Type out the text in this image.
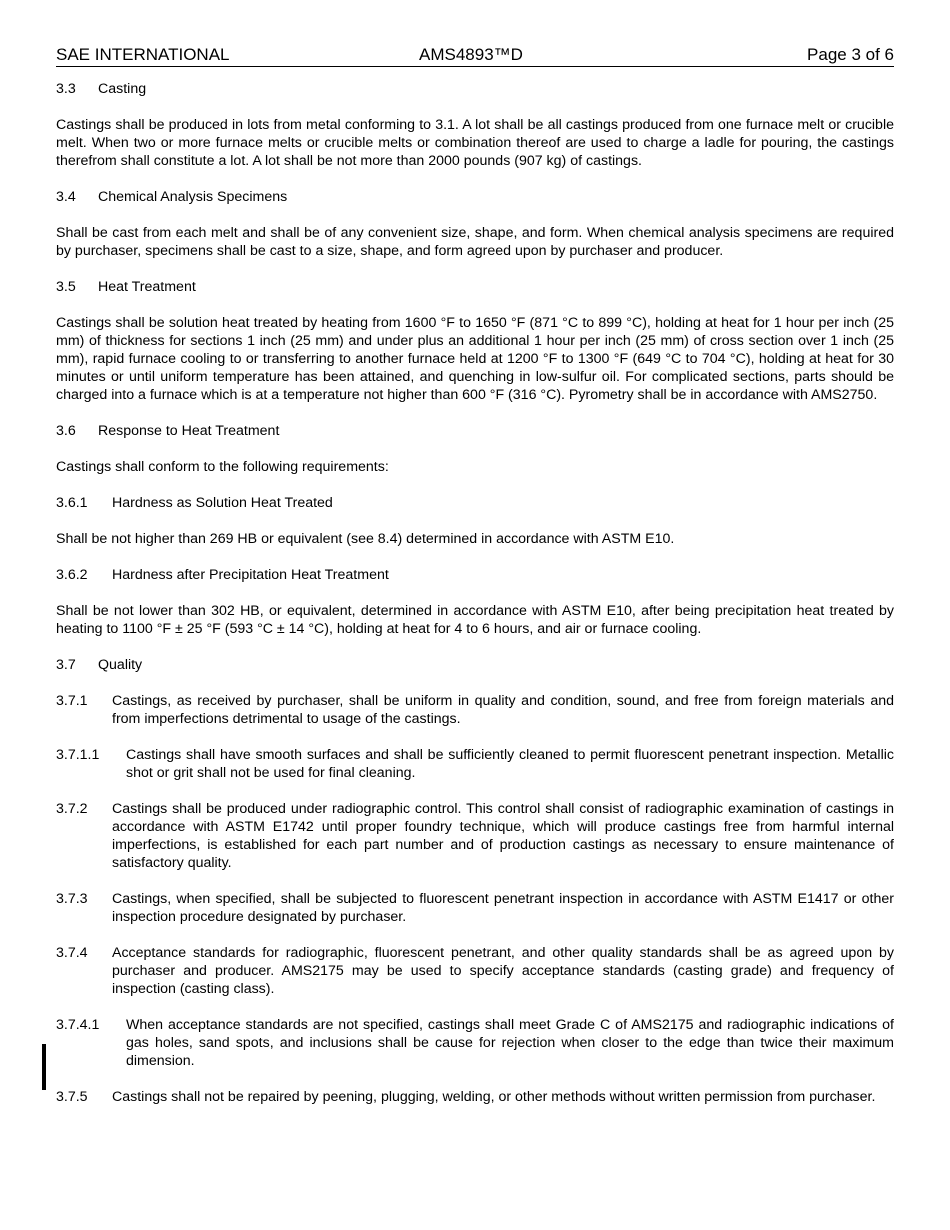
SAE INTERNATIONAL	AMS4893™D	Page 3 of 6
3.3	Casting

Castings shall be produced in lots from metal conforming to 3.1. A lot shall be all castings produced from one furnace melt or crucible melt. When two or more furnace melts or crucible melts or combination thereof are used to charge a ladle for pouring, the castings therefrom shall constitute a lot. A lot shall be not more than 2000 pounds (907 kg) of castings.

3.4	Chemical Analysis Specimens

Shall be cast from each melt and shall be of any convenient size, shape, and form. When chemical analysis specimens are required by purchaser, specimens shall be cast to a size, shape, and form agreed upon by purchaser and producer.

3.5	Heat Treatment

Castings shall be solution heat treated by heating from 1600 °F to 1650 °F (871 °C to 899 °C), holding at heat for 1 hour per inch (25 mm) of thickness for sections 1 inch (25 mm) and under plus an additional 1 hour per inch (25 mm) of cross section over 1 inch (25 mm), rapid furnace cooling to or transferring to another furnace held at 1200 °F to 1300 °F (649 °C to 704 °C), holding at heat for 30 minutes or until uniform temperature has been attained, and quenching in low-sulfur oil. For complicated sections, parts should be charged into a furnace which is at a temperature not higher than 600 °F (316 °C). Pyrometry shall be in accordance with AMS2750.

3.6	Response to Heat Treatment

Castings shall conform to the following requirements:

3.6.1	Hardness as Solution Heat Treated

Shall be not higher than 269 HB or equivalent (see 8.4) determined in accordance with ASTM E10.

3.6.2	Hardness after Precipitation Heat Treatment

Shall be not lower than 302 HB, or equivalent, determined in accordance with ASTM E10, after being precipitation heat treated by heating to 1100 °F ± 25 °F (593 °C ± 14 °C), holding at heat for 4 to 6 hours, and air or furnace cooling.

3.7	Quality
3.7.1	Castings, as received by purchaser, shall be uniform in quality and condition, sound, and free from foreign materials and from imperfections detrimental to usage of the castings.
3.7.1.1	Castings shall have smooth surfaces and shall be sufficiently cleaned to permit fluorescent penetrant inspection. Metallic shot or grit shall not be used for final cleaning.
3.7.2	Castings shall be produced under radiographic control. This control shall consist of radiographic examination of castings in accordance with ASTM E1742 until proper foundry technique, which will produce castings free from harmful internal imperfections, is established for each part number and of production castings as necessary to ensure maintenance of satisfactory quality.
3.7.3	Castings, when specified, shall be subjected to fluorescent penetrant inspection in accordance with ASTM E1417 or other inspection procedure designated by purchaser.
3.7.4	Acceptance standards for radiographic, fluorescent penetrant, and other quality standards shall be as agreed upon by purchaser and producer. AMS2175 may be used to specify acceptance standards (casting grade) and frequency of inspection (casting class).
3.7.4.1	When acceptance standards are not specified, castings shall meet Grade C of AMS2175 and radiographic indications of gas holes, sand spots, and inclusions shall be cause for rejection when closer to the edge than twice their maximum dimension.
3.7.5	Castings shall not be repaired by peening, plugging, welding, or other methods without written permission from purchaser.
